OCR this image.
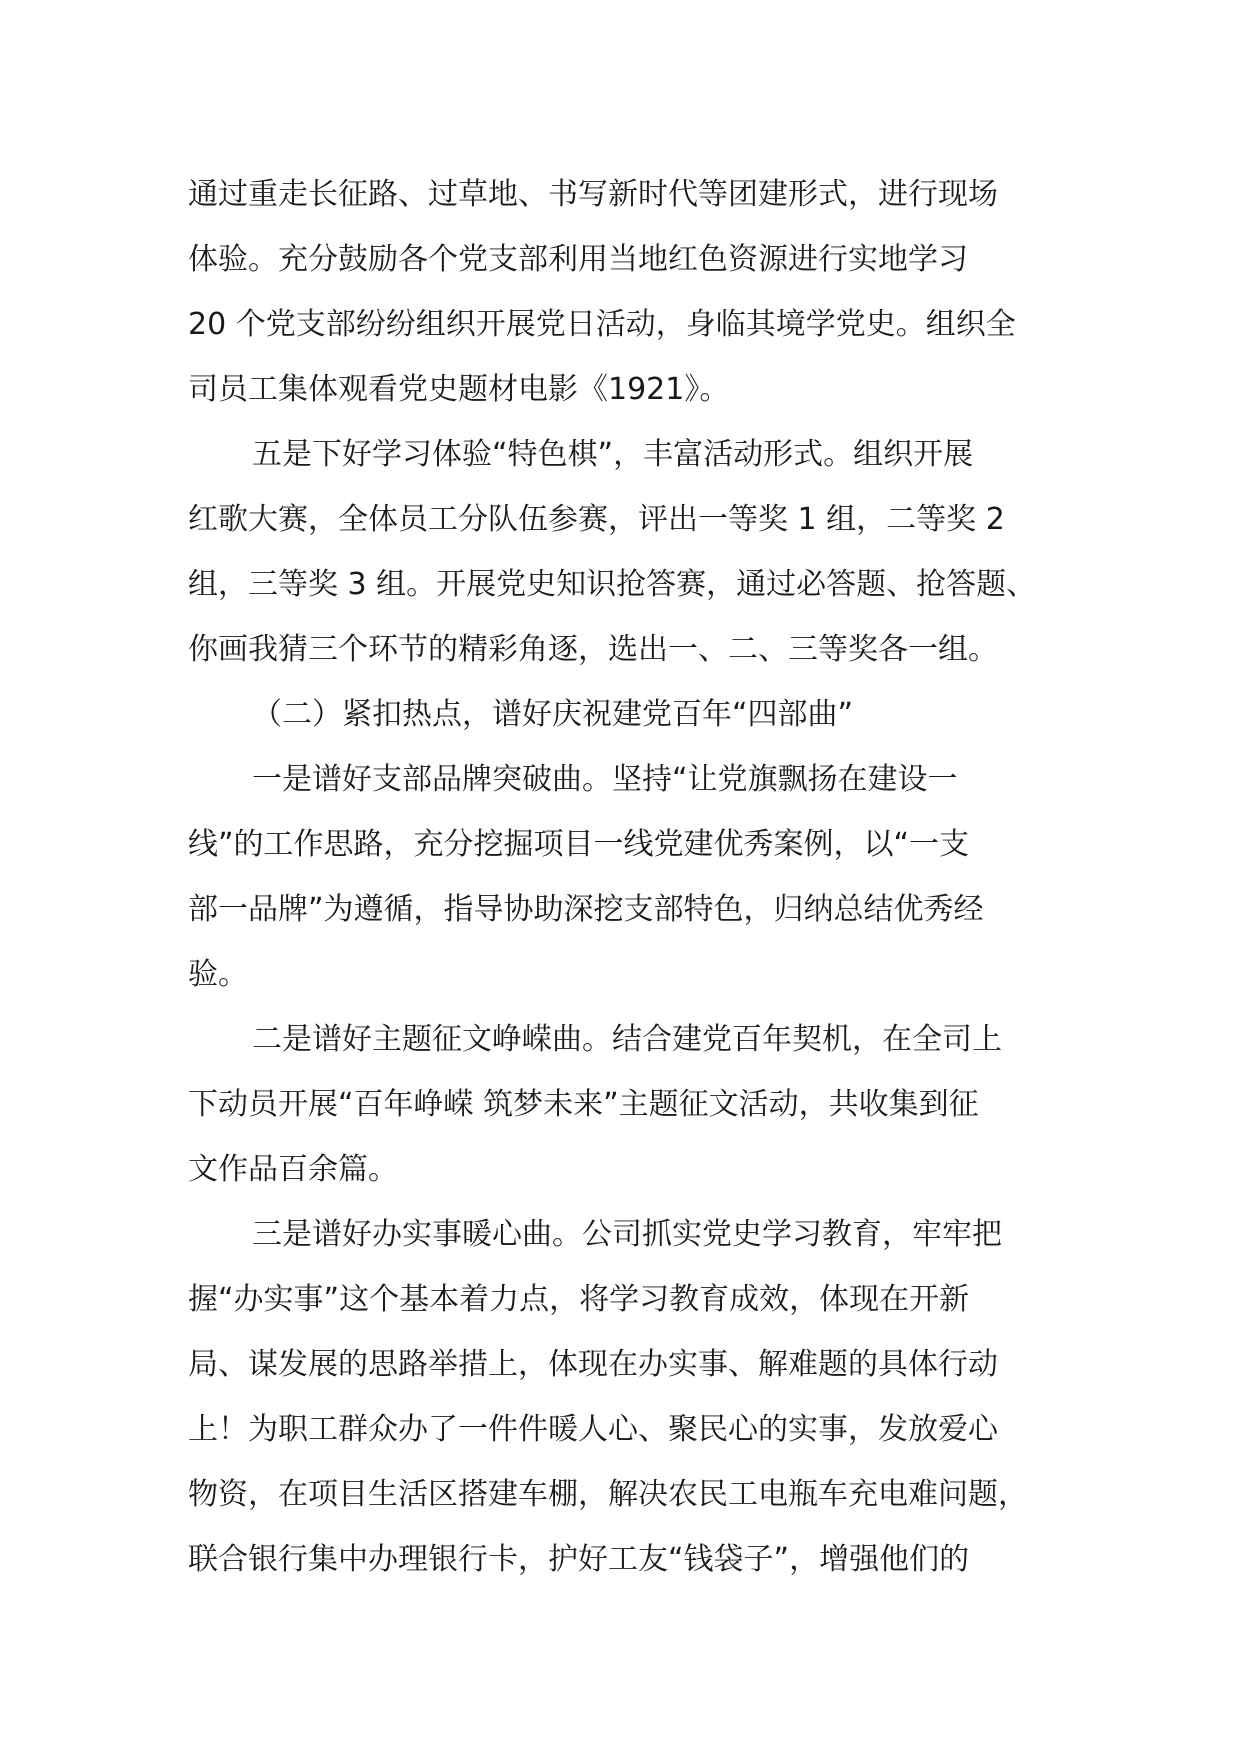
通过重走长征路、过草地、书写新时代等团建形式，进行现场
体验。充分鼓励各个党支部利用当地红色资源进行实地学习
20 个党支部纷纷组织开展党日活动，身临其境学党史。组织全
司员工集体观看党史题材电影《1921》。
五是下好学习体验“特色棋”，丰富活动形式。组织开展
红歌大赛，全体员工分队伍参赛，评出一等奖 1 组，二等奖 2
组，三等奖 3 组。开展党史知识抢答赛，通过必答题、抢答题、
你画我猜三个环节的精彩角逐，选出一、二、三等奖各一组。
（二）紧扣热点，谱好庆祝建党百年“四部曲”
一是谱好支部品牌突破曲。坚持“让党旗飘扬在建设一
线”的工作思路，充分挖掘项目一线党建优秀案例，以“一支
部一品牌”为遵循，指导协助深挖支部特色，归纳总结优秀经
验。
二是谱好主题征文峥嵘曲。结合建党百年契机，在全司上
下动员开展“百年峥嵘 筑梦未来”主题征文活动，共收集到征
文作品百余篇。
三是谱好办实事暖心曲。公司抓实党史学习教育，牢牢把
握“办实事”这个基本着力点，将学习教育成效，体现在开新
局、谋发展的思路举措上，体现在办实事、解难题的具体行动
上！为职工群众办了一件件暖人心、聚民心的实事，发放爱心
物资，在项目生活区搭建车棚，解决农民工电瓶车充电难问题，
联合银行集中办理银行卡，护好工友“钱袋子”，增强他们的
